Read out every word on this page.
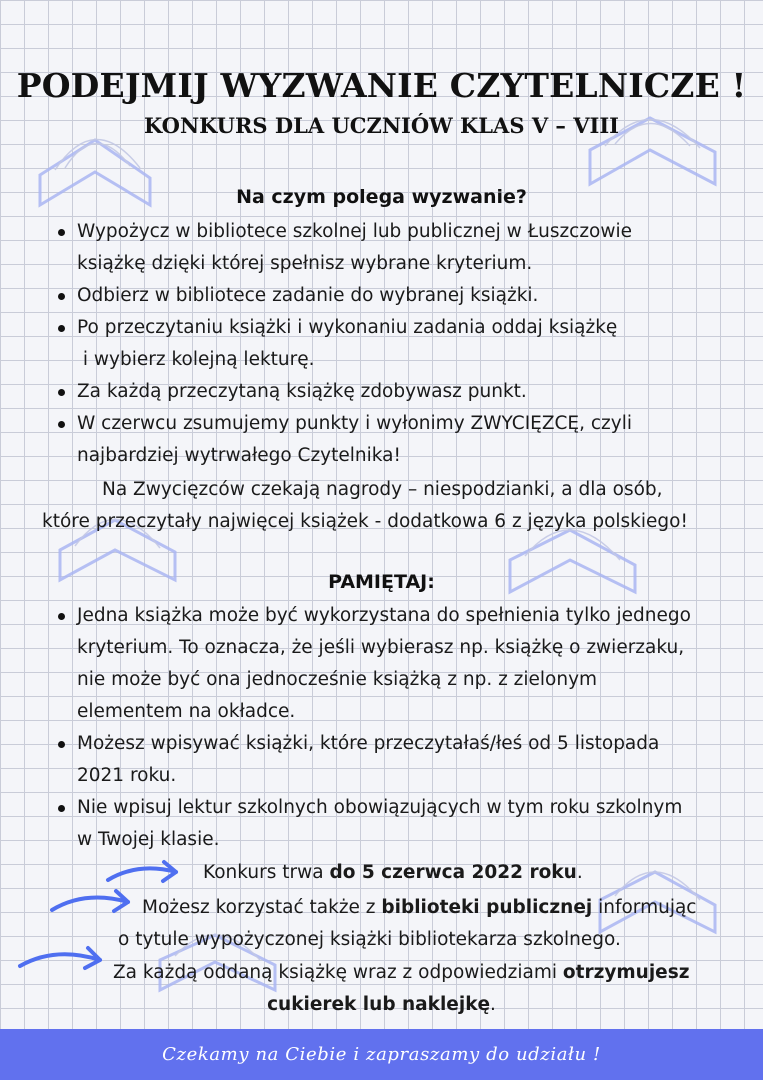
PODEJMIJ WYZWANIE CZYTELNICZE !
KONKURS DLA UCZNIÓW KLAS V – VIII
Na czym polega wyzwanie?
Wypożycz w bibliotece szkolnej lub publicznej w Łuszczowie
książkę dzięki której spełnisz wybrane kryterium.
Odbierz w bibliotece zadanie do wybranej książki.
Po przeczytaniu książki i wykonaniu zadania oddaj książkę
i wybierz kolejną lekturę.
Za każdą przeczytaną książkę zdobywasz punkt.
W czerwcu zsumujemy punkty i wyłonimy ZWYCIĘZCĘ, czyli
najbardziej wytrwałego Czytelnika!

Na Zwycięzców czekają nagrody – niespodzianki, a dla osób,

które przeczytały najwięcej książek - dodatkowa 6 z języka polskiego!

PAMIĘTAJ:
Jedna książka może być wykorzystana do spełnienia tylko jednego
kryterium. To oznacza, że jeśli wybierasz np. książkę o zwierzaku,
nie może być ona jednocześnie książką z np. z zielonym
elementem na okładce.
Możesz wpisywać książki, które przeczytałaś/łeś od 5 listopada
2021 roku.
Nie wpisuj lektur szkolnych obowiązujących w tym roku szkolnym
w Twojej klasie.

Konkurs trwa do 5 czerwca 2022 roku.

Możesz korzystać także z biblioteki publicznej informując

o tytule wypożyczonej książki bibliotekarza szkolnego.

Za każdą oddaną książkę wraz z odpowiedziami otrzymujesz

cukierek lub naklejkę.

Czekamy na Ciebie i zapraszamy do udziału !
